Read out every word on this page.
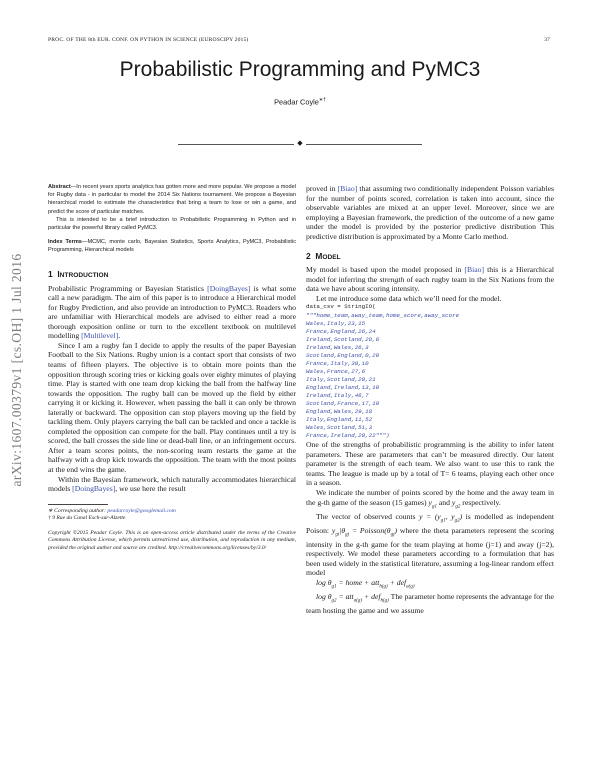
PROC. OF THE 8th EUR. CONF. ON PYTHON IN SCIENCE (EUROSCIPY 2015)	37
arXiv:1607.00379v1 [cs.OH] 1 Jul 2016
Probabilistic Programming and PyMC3
Peadar Coyle∗†
◆

Abstract—In recent years sports analytics has gotten more and more popular. We propose a model for Rugby data - in particular to model the 2014 Six Nations tournament. We propose a Bayesian hierarchical model to estimate the characteristics that bring a team to lose or win a game, and predict the score of particular matches.

This is intended to be a brief introduction to Probabilistic Programming in Python and in particular the powerful library called PyMC3.

Index Terms—MCMC, monte carlo, Bayesian Statistics, Sports Analytics, PyMC3, Probabilistic Programming, Hierarchical models

1 INTRODUCTION

Probabilistic Programming or Bayesian Statistics [DoingBayes] is what some call a new paradigm. The aim of this paper is to introduce a Hierarchical model for Rugby Prediction, and also provide an introduction to PyMC3. Readers who are unfamiliar with Hierarchical models are advised to either read a more thorough exposition online or turn to the excellent textbook on multilevel modelling [Multilevel].

Since I am a rugby fan I decide to apply the results of the paper Bayesian Football to the Six Nations. Rugby union is a contact sport that consists of two teams of fifteen players. The objective is to obtain more points than the opposition through scoring tries or kicking goals over eighty minutes of playing time. Play is started with one team drop kicking the ball from the halfway line towards the opposition. The rugby ball can be moved up the field by either carrying it or kicking it. However, when passing the ball it can only be thrown laterally or backward. The opposition can stop players moving up the field by tackling them. Only players carrying the ball can be tackled and once a tackle is completed the opposition can compete for the ball. Play continues until a try is scored, the ball crosses the side line or dead-ball line, or an infringement occurs. After a team scores points, the non-scoring team restarts the game at the halfway with a drop kick towards the opposition. The team with the most points at the end wins the game.

Within the Bayesian framework, which naturally accommodates hierarchical models [DoingBayes], we use here the result

∗ Corresponding author: peadarcoyle@googlemail.com

† 9 Rue du Canal Esch-sur-Alzette

Copyright ©2015 Peadar Coyle. This is an open-access article distributed under the terms of the Creative Commons Attribution License, which permits unrestricted use, distribution, and reproduction in any medium, provided the original author and source are credited. http://creativecommons.org/licenses/by/3.0/

proved in [Biao] that assuming two conditionally independent Poisson variables for the number of points scored, correlation is taken into account, since the observable variables are mixed at an upper level. Moreover, since we are employing a Bayesian framework, the prediction of the outcome of a new game under the model is provided by the posterior predictive distribution This predictive distribution is approximated by a Monte Carlo method.

2 MODEL

My model is based upon the model proposed in [Biao] this is a Hierarchical model for inferring the strength of each rugby team in the Six Nations from the data we have about scoring intensity.

Let me introduce some data which we’ll need for the model.

data_csv = StringIO(
"""home_team,away_team,home_score,away_score
Wales,Italy,23,15
France,England,26,24
Ireland,Scotland,28,6
Ireland,Wales,26,3
Scotland,England,0,20
France,Italy,30,10
Wales,France,27,6
Italy,Scotland,20,21
England,Ireland,13,10
Ireland,Italy,46,7
Scotland,France,17,19
England,Wales,29,18
Italy,England,11,52
Wales,Scotland,51,3
France,Ireland,20,22""")

One of the strengths of probabilistic programming is the ability to infer latent parameters. These are parameters that can’t be measured directly. Our latent parameter is the strength of each team. We also want to use this to rank the teams. The league is made up by a total of T= 6 teams, playing each other once in a season.

We indicate the number of points scored by the home and the away team in the g-th game of the season (15 games) $y_{g1}$ and $y_{g2}$ respectively.

The vector of observed counts $y = (y_{g1}$, $y_{g2}$) is modelled as independent Poison: $y_{gi}|\theta_{gj}$ = $Poisson(\theta_{gj})$ where the theta parameters represent the scoring intensity in the g-th game for the team playing at home (j=1) and away (j=2), respectively. We model these parameters according to a formulation that has been used widely in the statistical literature, assuming a log-linear random effect model

$\log \theta_{g1}$ = home + att$_{h(g)}$ + def$_{a(g)}$

$\log \theta_{g2} = att_{a(g)} + def_{h(g)}$ The parameter home represents the advantage for the team hosting the game and we assume
